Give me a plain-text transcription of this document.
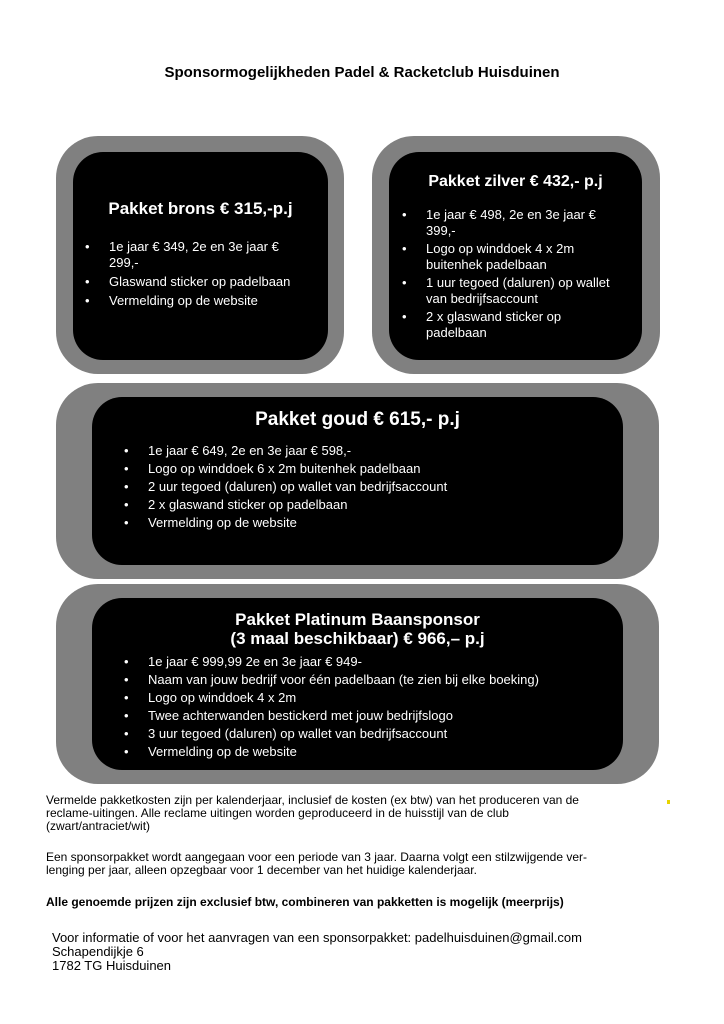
Sponsormogelijkheden Padel & Racketclub Huisduinen

Pakket brons € 315,-p.j

• 1e jaar € 349, 2e en 3e jaar € 299,-
• Glaswand sticker op padelbaan
• Vermelding op de website

Pakket zilver € 432,- p.j

• 1e jaar € 498, 2e en 3e jaar € 399,-
• Logo op winddoek 4 x 2m buitenhek padelbaan
• 1 uur tegoed (daluren) op wallet van bedrijfsaccount
• 2 x glaswand sticker op padelbaan

Pakket goud € 615,- p.j

• 1e jaar € 649, 2e en 3e jaar € 598,-
• Logo op winddoek 6 x 2m buitenhek padelbaan
• 2 uur tegoed (daluren) op wallet van bedrijfsaccount
• 2 x glaswand sticker op padelbaan
• Vermelding op de website

Pakket Platinum Baansponsor

(3 maal beschikbaar) € 966,– p.j

• 1e jaar € 999,99 2e en 3e jaar € 949-
• Naam van jouw bedrijf voor één padelbaan (te zien bij elke boeking)
• Logo op winddoek 4 x 2m
• Twee achterwanden bestickerd met jouw bedrijfslogo
• 3 uur tegoed (daluren) op wallet van bedrijfsaccount
• Vermelding op de website
Vermelde pakketkosten zijn per kalenderjaar, inclusief de kosten (ex btw) van het produceren van de
reclame-uitingen. Alle reclame uitingen worden geproduceerd in de huisstijl van de club
(zwart/antraciet/wit)
Een sponsorpakket wordt aangegaan voor een periode van 3 jaar. Daarna volgt een stilzwijgende ver-
lenging per jaar, alleen opzegbaar voor 1 december van het huidige kalenderjaar.
Alle genoemde prijzen zijn exclusief btw, combineren van pakketten is mogelijk (meerprijs)
Voor informatie of voor het aanvragen van een sponsorpakket: padelhuisduinen@gmail.com
Schapendijkje 6
1782 TG Huisduinen
